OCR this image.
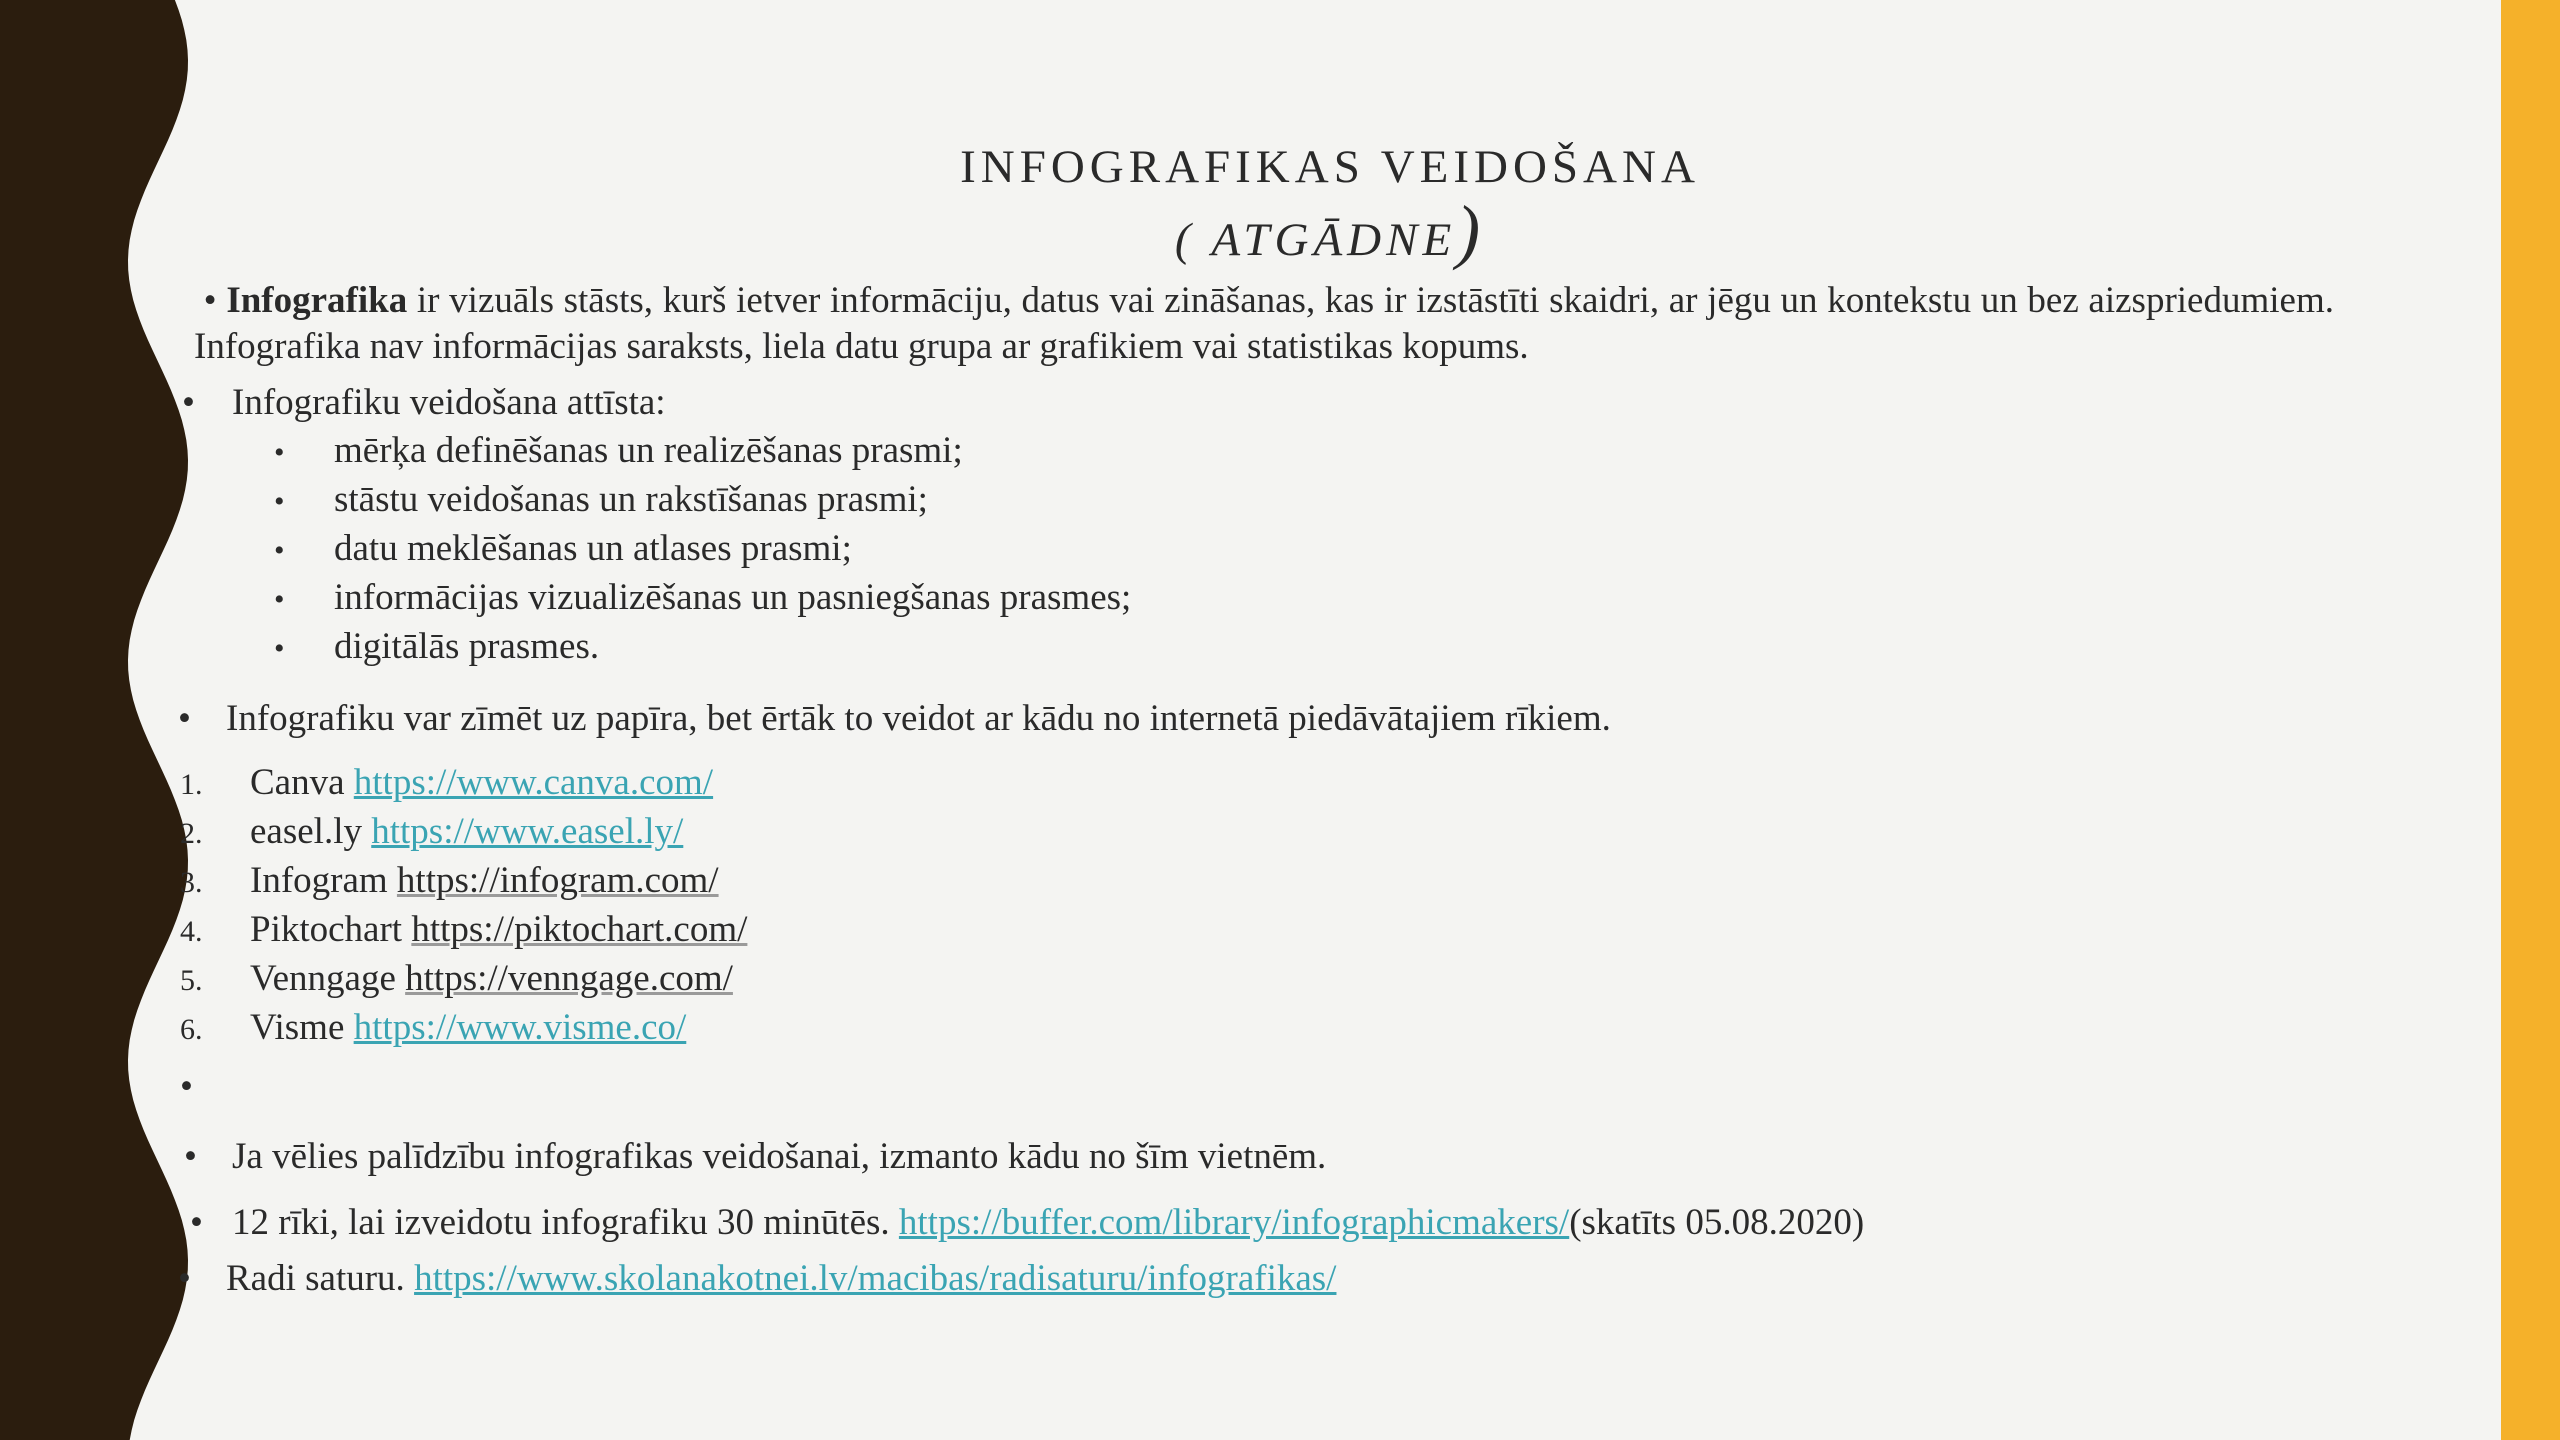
INFOGRAFIKAS VEIDOŠANA
( ATGĀDNE)
• Infografika ir vizuāls stāsts, kurš ietver informāciju, datus vai zināšanas, kas ir izstāstīti skaidri, ar jēgu un kontekstu un bez aizspriedumiem. Infografika nav informācijas saraksts, liela datu grupa ar grafikiem vai statistikas kopums.
• Infografiku veidošana attīsta:
• mērķa definēšanas un realizēšanas prasmi;
• stāstu veidošanas un rakstīšanas prasmi;
• datu meklēšanas un atlases prasmi;
• informācijas vizualizēšanas un pasniegšanas prasmes;
• digitālās prasmes.
• Infografiku var zīmēt uz papīra, bet ērtāk to veidot ar kādu no internetā piedāvātajiem rīkiem.
1. Canva https://www.canva.com/
2. easel.ly https://www.easel.ly/
3. Infogram https://infogram.com/
4. Piktochart https://piktochart.com/
5. Venngage https://venngage.com/
6. Visme https://www.visme.co/
•
• Ja vēlies palīdzību infografikas veidošanai, izmanto kādu no šīm vietnēm.
• 12 rīki, lai izveidotu infografiku 30 minūtēs. https://buffer.com/library/infographicmakers/(skatīts 05.08.2020)
• Radi saturu. https://www.skolanakotnei.lv/macibas/radisaturu/infografikas/
